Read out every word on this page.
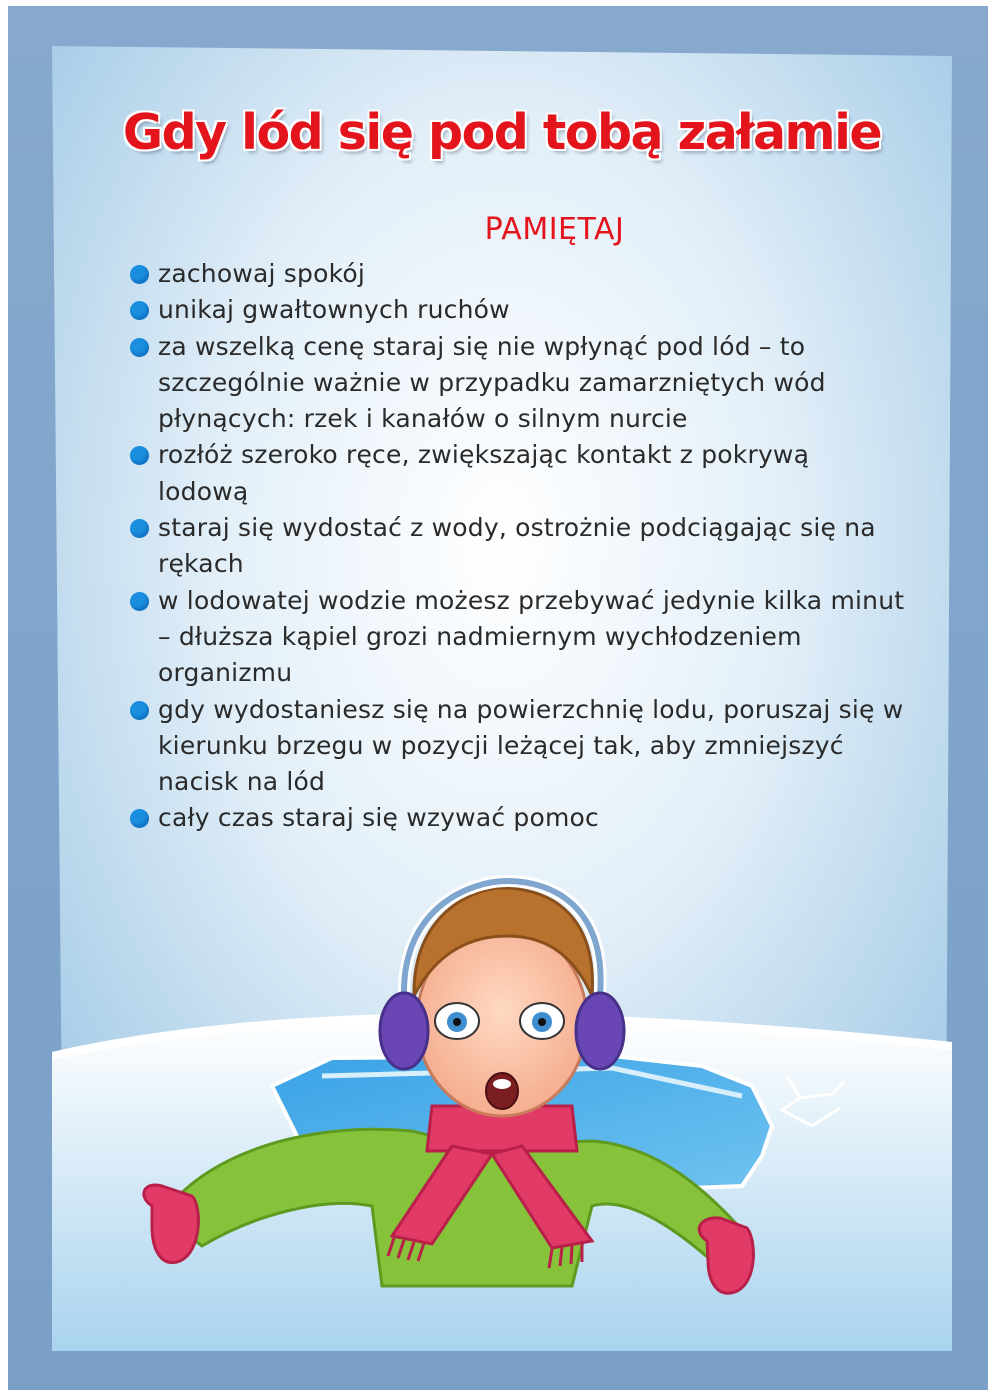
Gdy lód się pod tobą załamie
PAMIĘTAJ
zachowaj spokój
unikaj gwałtownych ruchów
za wszelką cenę staraj się nie wpłynąć pod lód – to szczególnie ważnie w przypadku zamarzniętych wód płynących: rzek i kanałów o silnym nurcie
rozłóż szeroko ręce, zwiększając kontakt z pokrywą lodową
staraj się wydostać z wody, ostrożnie podciągając się na rękach
w lodowatej wodzie możesz przebywać jedynie kilka minut – dłuższa kąpiel grozi nadmiernym wychłodzeniem organizmu
gdy wydostaniesz się na powierzchnię lodu, poruszaj się w kierunku brzegu w pozycji leżącej tak, aby zmniejszyć nacisk na lód
cały czas staraj się wzywać pomoc
